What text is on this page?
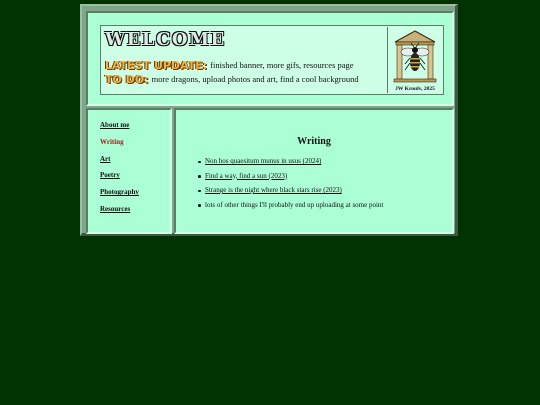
WELCOME
LATEST UPDATE: finished banner, more gifs, resources page
TO DO: more dragons, upload photos and art, find a cool background
JW Kroulv, 2025
About me
Writing
Art
Poetry
Photography
Resources
Writing
Non hos quaesitum munus in usus (2024)
Find a way, find a sun (2023)
Strange is the night where black stars rise (2023)
lots of other things I'll probably end up uploading at some point
